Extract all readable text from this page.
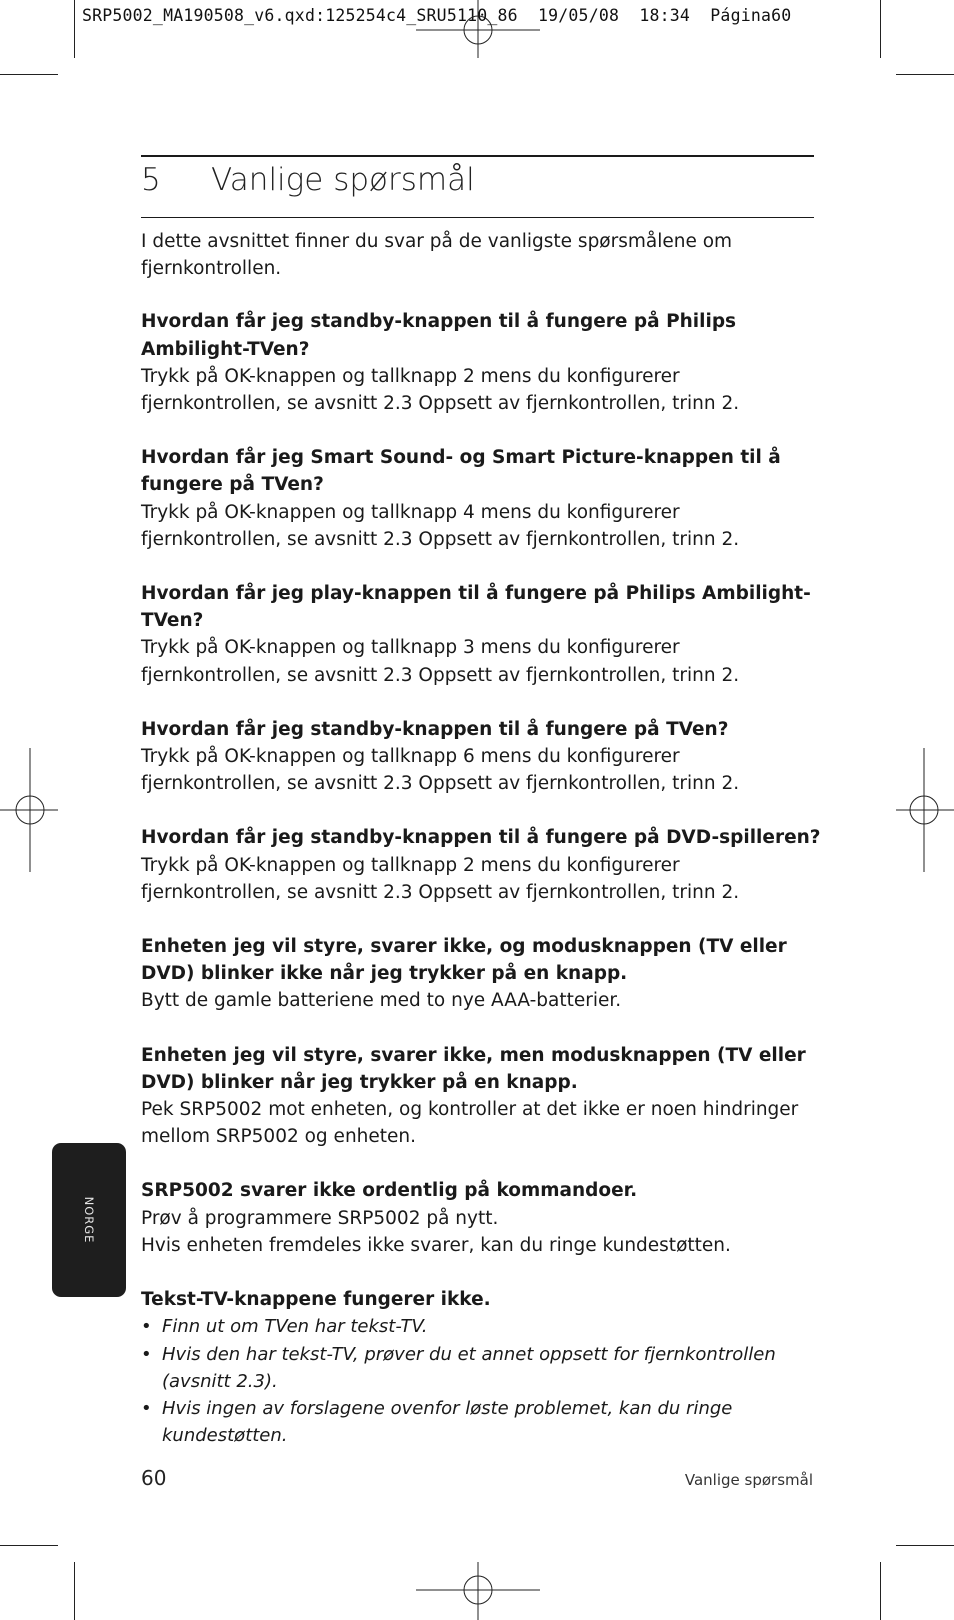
SRP5002_MA190508_v6.qxd:125254c4_SRU5110_86  19/05/08  18:34  Página60
5 Vanlige spørsmål

I dette avsnittet finner du svar på de vanligste spørsmålene om fjernkontrollen.

Hvordan får jeg standby-knappen til å fungere på Philips Ambilight-TVen?

Trykk på OK-knappen og tallknapp 2 mens du konfigurerer

fjernkontrollen, se avsnitt 2.3 Oppsett av fjernkontrollen, trinn 2.

Hvordan får jeg Smart Sound- og Smart Picture-knappen til å fungere på TVen?

Trykk på OK-knappen og tallknapp 4 mens du konfigurerer

fjernkontrollen, se avsnitt 2.3 Oppsett av fjernkontrollen, trinn 2.

Hvordan får jeg play-knappen til å fungere på Philips Ambilight-TVen?

Trykk på OK-knappen og tallknapp 3 mens du konfigurerer

fjernkontrollen, se avsnitt 2.3 Oppsett av fjernkontrollen, trinn 2.

Hvordan får jeg standby-knappen til å fungere på TVen?

Trykk på OK-knappen og tallknapp 6 mens du konfigurerer

fjernkontrollen, se avsnitt 2.3 Oppsett av fjernkontrollen, trinn 2.

Hvordan får jeg standby-knappen til å fungere på DVD-spilleren?

Trykk på OK-knappen og tallknapp 2 mens du konfigurerer

fjernkontrollen, se avsnitt 2.3 Oppsett av fjernkontrollen, trinn 2.

Enheten jeg vil styre, svarer ikke, og modusknappen (TV eller DVD) blinker ikke når jeg trykker på en knapp.

Bytt de gamle batteriene med to nye AAA-batterier.

Enheten jeg vil styre, svarer ikke, men modusknappen (TV eller DVD) blinker når jeg trykker på en knapp.

Pek SRP5002 mot enheten, og kontroller at det ikke er noen hindringer mellom SRP5002 og enheten.

SRP5002 svarer ikke ordentlig på kommandoer.

Prøv å programmere SRP5002 på nytt.

Hvis enheten fremdeles ikke svarer, kan du ringe kundestøtten.

Tekst-TV-knappene fungerer ikke.

• Finn ut om TVen har tekst-TV.
• Hvis den har tekst-TV, prøver du et annet oppsett for fjernkontrollen (avsnitt 2.3).
• Hvis ingen av forslagene ovenfor løste problemet, kan du ringe kundestøtten.
NORGE
60	Vanlige spørsmål
